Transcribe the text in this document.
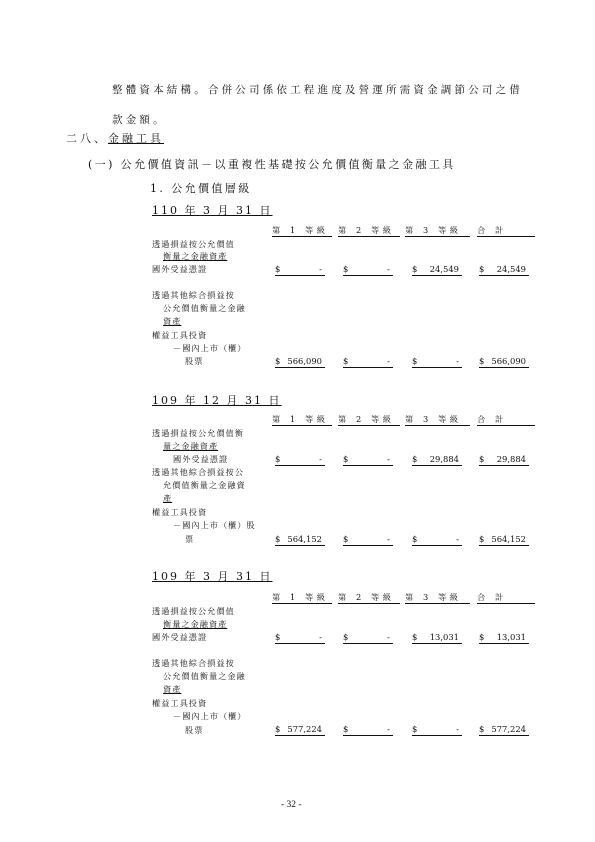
整體資本結構。合併公司係依工程進度及營運所需資金調節公司之借
款金額。
二八、金融工具
(一) 公允價值資訊－以重複性基礎按公允價值衡量之金融工具
1. 公允價值層級
110 年 3 月 31 日
第 1 等級	第 2 等級	第 3 等級	合 計
透過損益按公允價值
衡量之金融資產
國外受益憑證	$	-	$	-	$ 24,549 $ 24,549
透過其他綜合損益按
公允價值衡量之金融
資產
權益工具投資
－國內上市（櫃）
股票	$ 566,090	$	-	$	- $ 566,090
109 年 12 月 31 日
第 1 等級	第 2 等級	第 3 等級	合 計
透過損益按公允價值衡
量之金融資產
國外受益憑證	$	-	$	-	$ 29,884 $ 29,884
透過其他綜合損益按公
允價值衡量之金融資
產
權益工具投資
－國內上市（櫃）股
票	$ 564,152	$	-	$	- $ 564,152
109 年 3 月 31 日
第 1 等級	第 2 等級	第 3 等級	合 計
透過損益按公允價值
衡量之金融資產
國外受益憑證	$	-	$	-	$ 13,031 $ 13,031
透過其他綜合損益按
公允價值衡量之金融
資產
權益工具投資
－國內上市（櫃）
股票	$ 577,224	$	-	$	- $ 577,224
- 32 -
